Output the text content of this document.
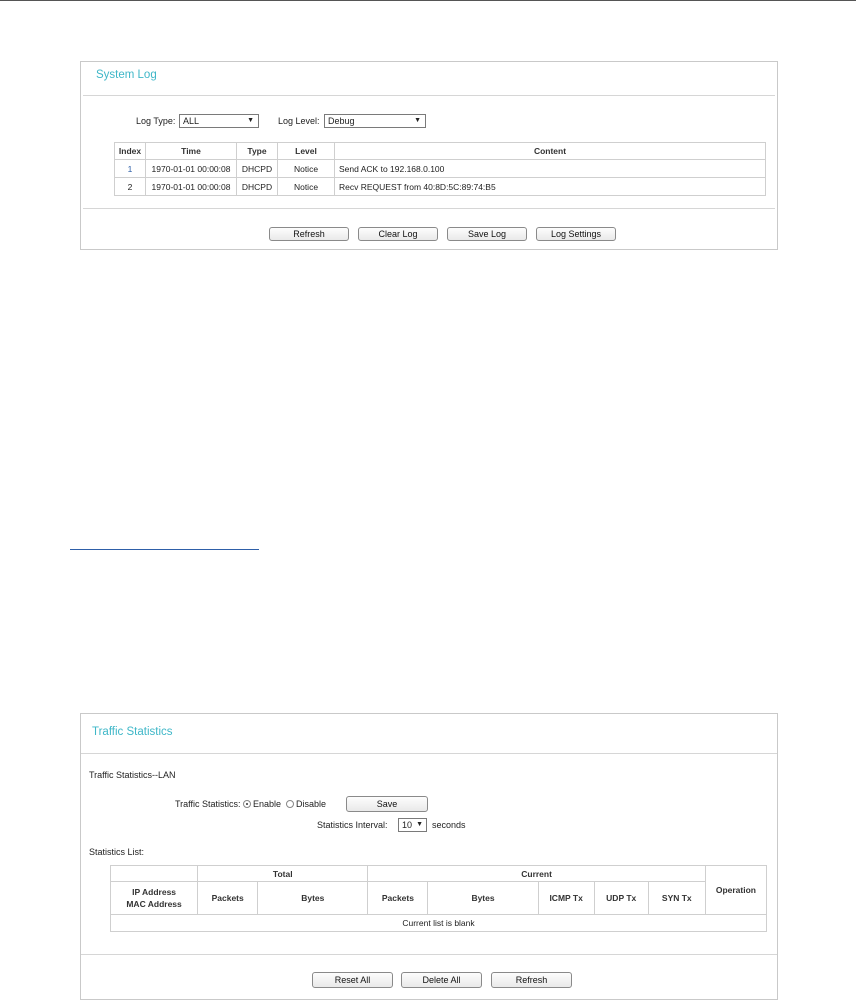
System Log
Log Type: ALL	▼	Log Level: Debug	▼
Index	Time	Type	Level	Content
1	1970-01-01 00:00:08	DHCPD	Notice	Send ACK to 192.168.0.100
2	1970-01-01 00:00:08	DHCPD	Notice	Recv REQUEST from 40:8D:5C:89:74:B5
Refresh	Clear Log	Save Log	Log Settings
Traffic Statistics
Traffic Statistics--LAN
Traffic Statistics:	Enable	Disable	Save
Statistics Interval:	10 ▼ seconds
Statistics List:
	Total		Current					Operation

IP Address
MAC Address	Packets	Bytes	Packets	Bytes	ICMP Tx	UDP Tx	SYN Tx	
Current list is blank								
Reset All	Delete All	Refresh
